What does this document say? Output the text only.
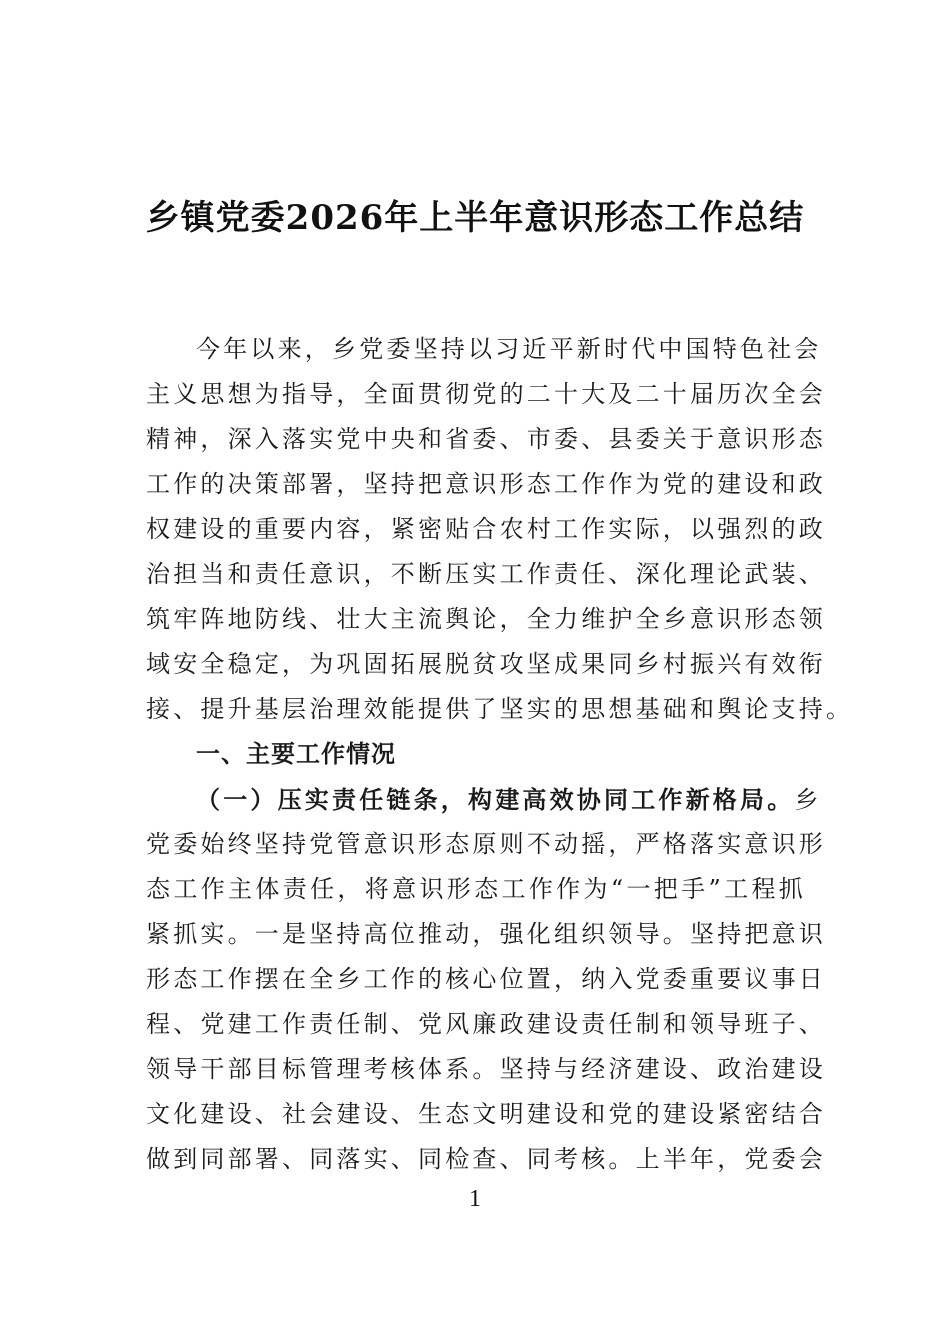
乡镇党委2026年上半年意识形态工作总结
今年以来，乡党委坚持以习近平新时代中国特色社会
主义思想为指导，全面贯彻党的二十大及二十届历次全会
精神，深入落实党中央和省委、市委、县委关于意识形态
工作的决策部署，坚持把意识形态工作作为党的建设和政
权建设的重要内容，紧密贴合农村工作实际，以强烈的政
治担当和责任意识，不断压实工作责任、深化理论武装、
筑牢阵地防线、壮大主流舆论，全力维护全乡意识形态领
域安全稳定，为巩固拓展脱贫攻坚成果同乡村振兴有效衔
接、提升基层治理效能提供了坚实的思想基础和舆论支持。
一、主要工作情况
（一）压实责任链条，构建高效协同工作新格局。乡
党委始终坚持党管意识形态原则不动摇，严格落实意识形
态工作主体责任，将意识形态工作作为“一把手”工程抓
紧抓实。一是坚持高位推动，强化组织领导。坚持把意识
形态工作摆在全乡工作的核心位置，纳入党委重要议事日
程、党建工作责任制、党风廉政建设责任制和领导班子、
领导干部目标管理考核体系。坚持与经济建设、政治建设
文化建设、社会建设、生态文明建设和党的建设紧密结合
做到同部署、同落实、同检查、同考核。上半年，党委会
1
